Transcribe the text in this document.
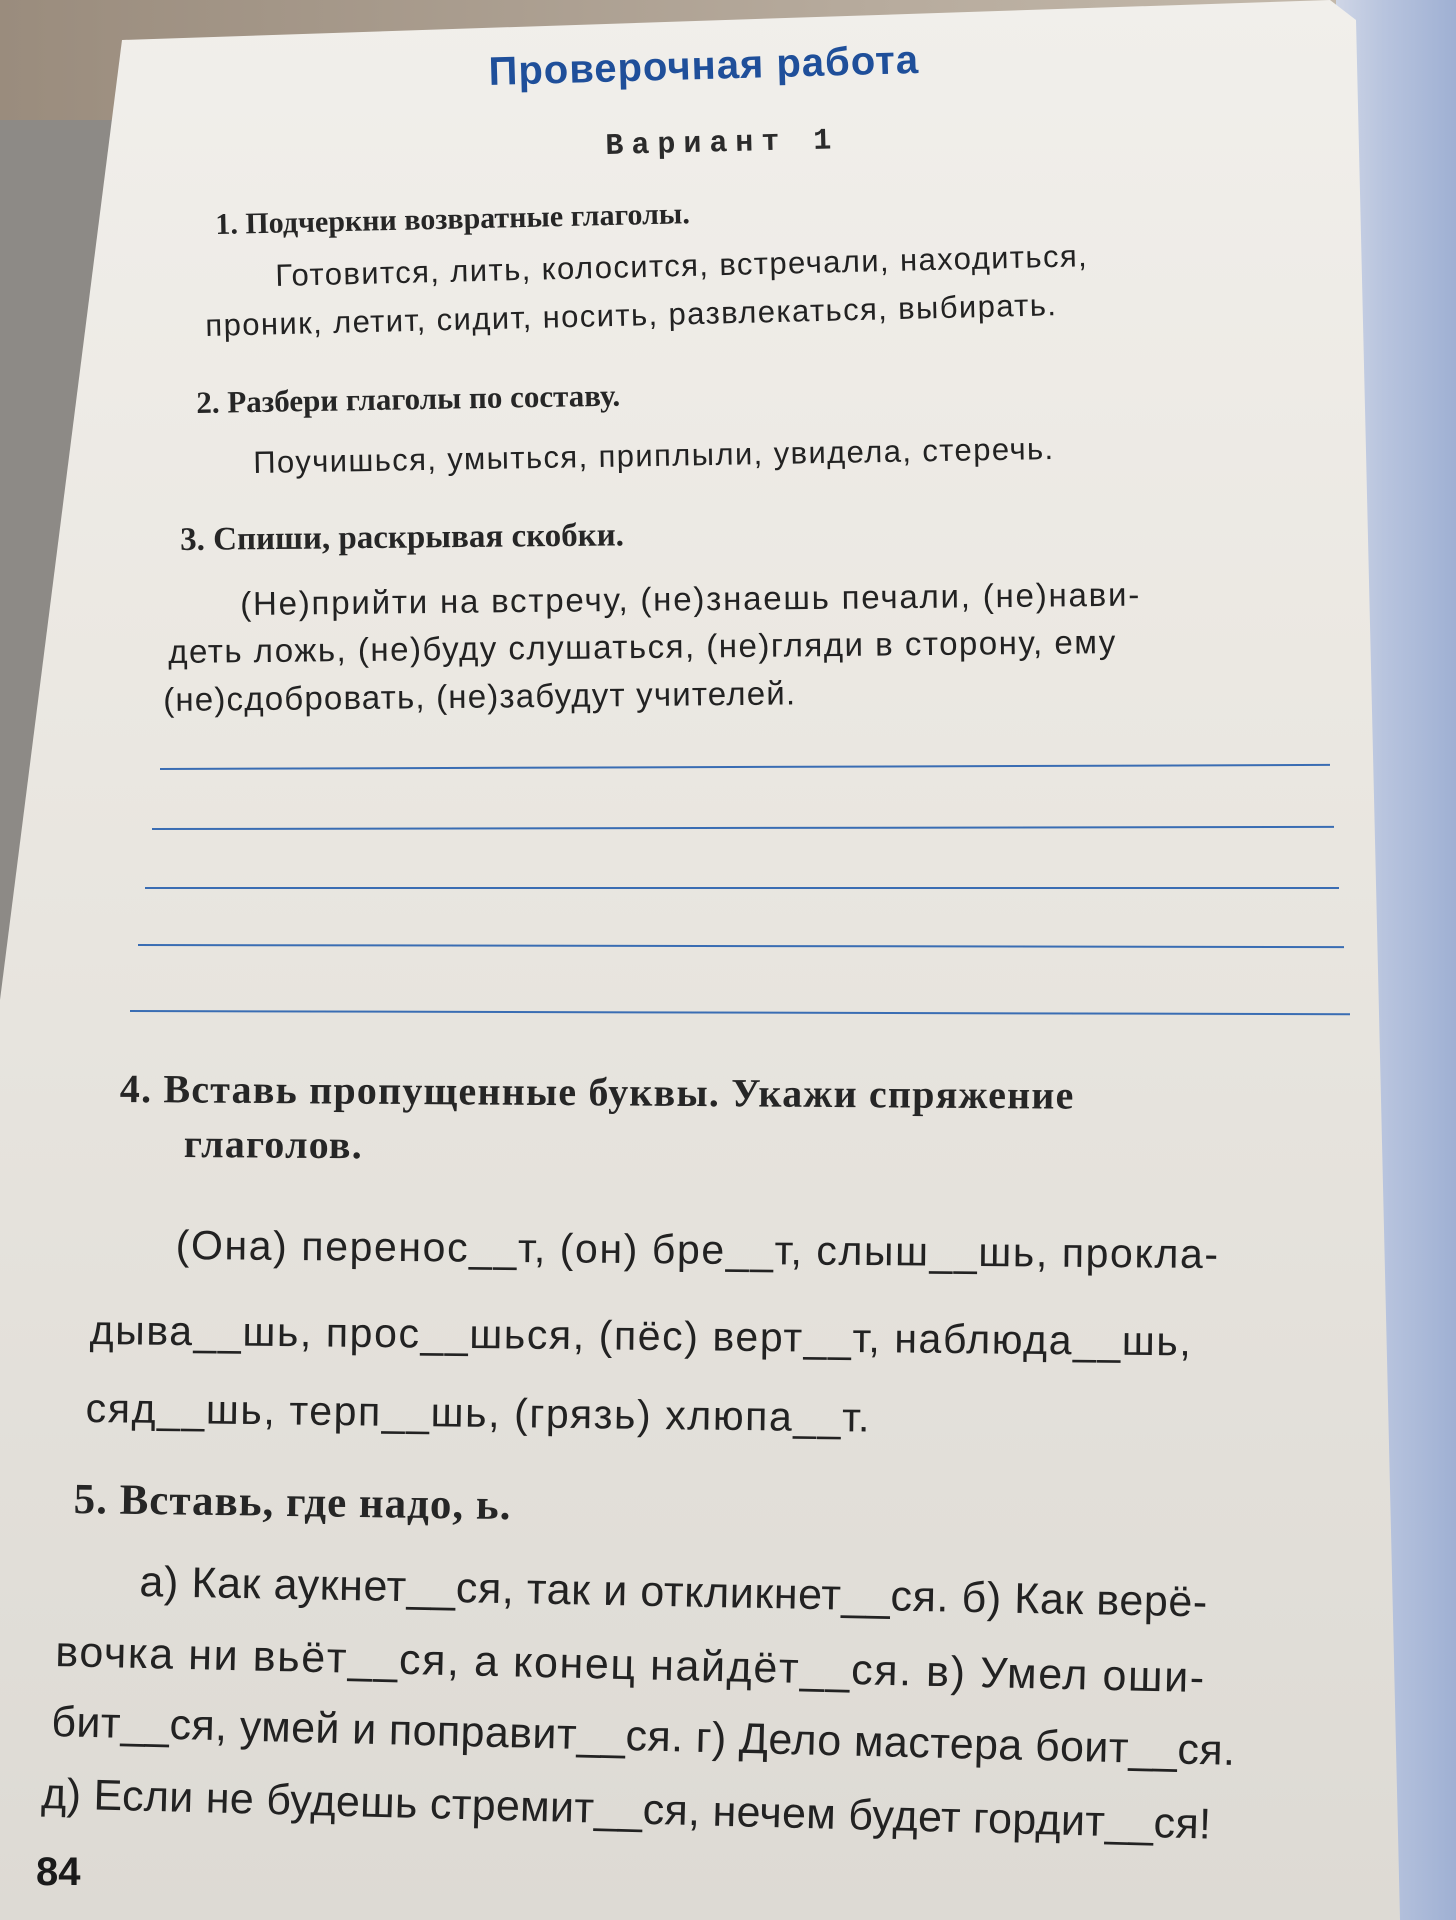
Проверочная работа
Вариант 1
1. Подчеркни возвратные глаголы.
Готовится, лить, колосится, встречали, находиться,
проник, летит, сидит, носить, развлекаться, выбирать.
2. Разбери глаголы по составу.
Поучишься, умыться, приплыли, увидела, стеречь.
3. Спиши, раскрывая скобки.
(Не)прийти на встречу, (не)знаешь печали, (не)нави-
деть ложь, (не)буду слушаться, (не)гляди в сторону, ему
(не)сдобровать, (не)забудут учителей.
4. Вставь пропущенные буквы. Укажи спряжение
глаголов.
(Она) перенос__т, (он) бре__т, слыш__шь, прокла-
дыва__шь, прос__шься, (пёс) верт__т, наблюда__шь,
сяд__шь, терп__шь, (грязь) хлюпа__т.
5. Вставь, где надо, ь.
а) Как аукнет__ся, так и откликнет__ся. б) Как верё-
вочка ни вьёт__ся, а конец найдёт__ся. в) Умел оши-
бит__ся, умей и поправит__ся. г) Дело мастера боит__ся.
д) Если не будешь стремит__ся, нечем будет гордит__ся!
84
